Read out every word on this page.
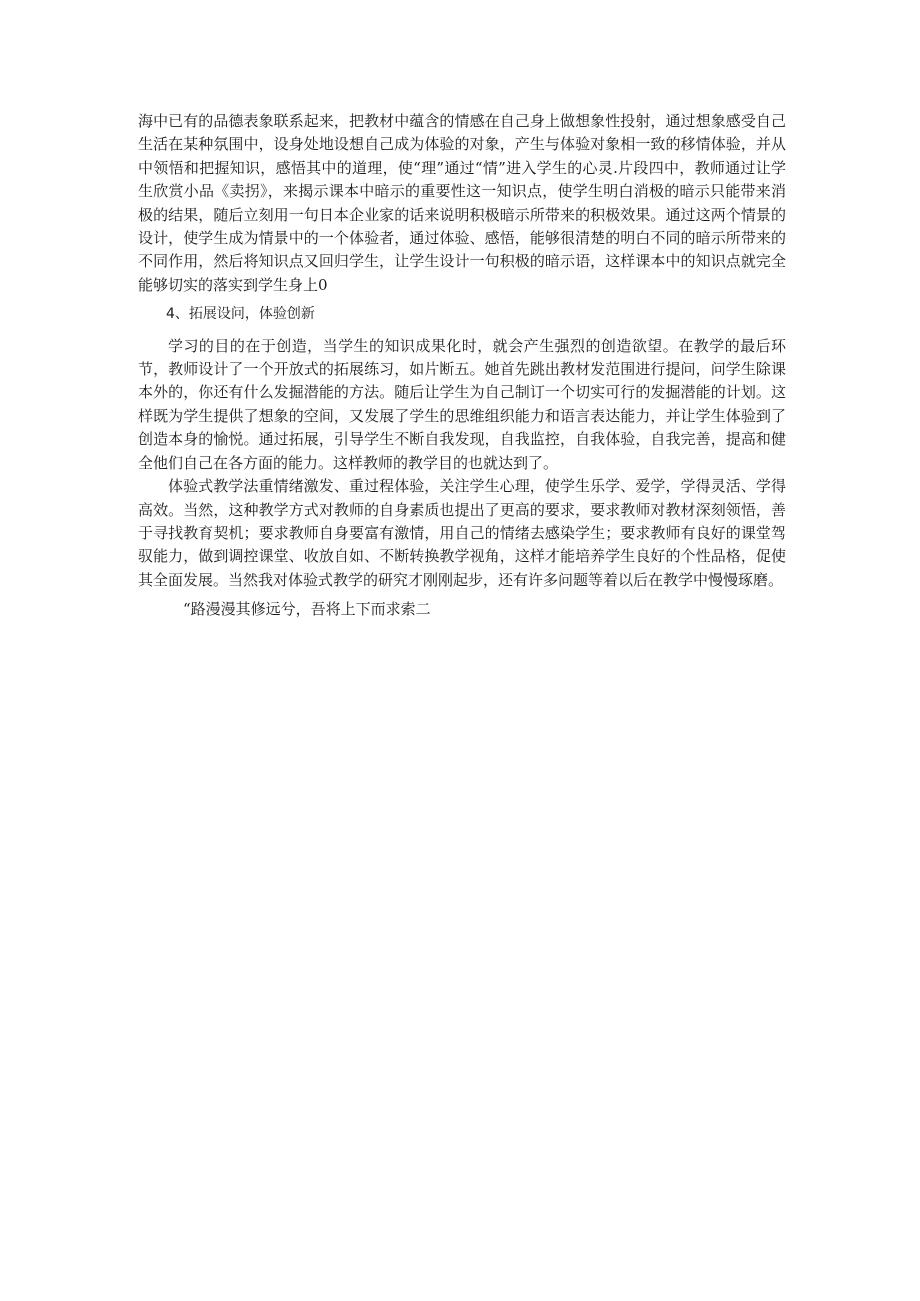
海中已有的品德表象联系起来，把教材中蕴含的情感在自己身上做想象性投射，通过想象感受自己生活在某种氛围中，设身处地设想自己成为体验的对象，产生与体验对象相一致的移情体验，并从中领悟和把握知识，感悟其中的道理，使“理”通过“情”进入学生的心灵.片段四中，教师通过让学生欣赏小品《卖拐》，来揭示课本中暗示的重要性这一知识点，使学生明白消极的暗示只能带来消极的结果，随后立刻用一句日本企业家的话来说明积极暗示所带来的积极效果。通过这两个情景的设计，使学生成为情景中的一个体验者，通过体验、感悟，能够很清楚的明白不同的暗示所带来的不同作用，然后将知识点又回归学生，让学生设计一句积极的暗示语，这样课本中的知识点就完全能够切实的落实到学生身上0

4、拓展设问，体验创新

学习的目的在于创造，当学生的知识成果化时，就会产生强烈的创造欲望。在教学的最后环节，教师设计了一个开放式的拓展练习，如片断五。她首先跳出教材发范围进行提问，问学生除课本外的，你还有什么发掘潜能的方法。随后让学生为自己制订一个切实可行的发掘潜能的计划。这样既为学生提供了想象的空间，又发展了学生的思维组织能力和语言表达能力，并让学生体验到了创造本身的愉悦。通过拓展，引导学生不断自我发现，自我监控，自我体验，自我完善，提高和健全他们自己在各方面的能力。这样教师的教学目的也就达到了。

体验式教学法重情绪激发、重过程体验，关注学生心理，使学生乐学、爱学，学得灵活、学得高效。当然，这种教学方式对教师的自身素质也提出了更高的要求，要求教师对教材深刻领悟，善于寻找教育契机；要求教师自身要富有激情，用自己的情绪去感染学生；要求教师有良好的课堂驾驭能力，做到调控课堂、收放自如、不断转换教学视角，这样才能培养学生良好的个性品格，促使其全面发展。当然我对体验式教学的研究才刚刚起步，还有许多问题等着以后在教学中慢慢琢磨。

“路漫漫其修远兮，吾将上下而求索二
